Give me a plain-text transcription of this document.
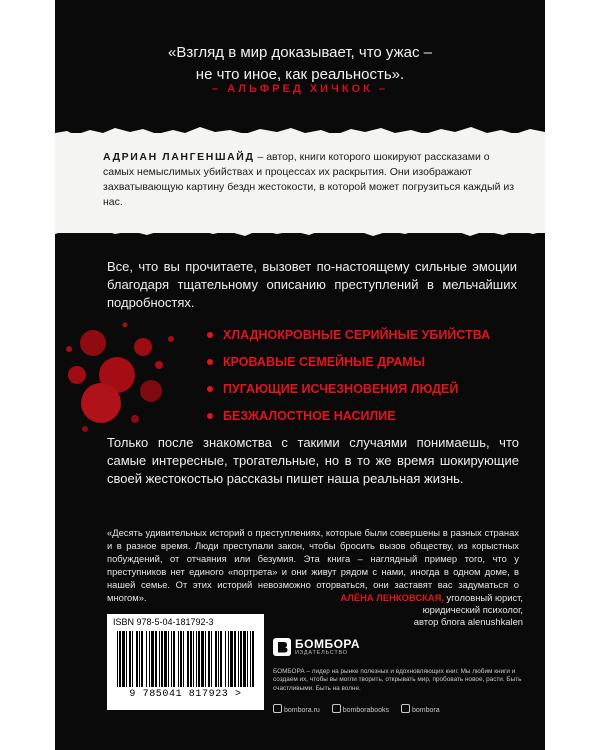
«Взгляд в мир доказывает, что ужас –
не что иное, как реальность».
– АЛЬФРЕД ХИЧКОК –
АДРИАН ЛАНГЕНШАЙД – автор, книги которого шокируют рассказами о самых немыслимых убийствах и процессах их раскрытия. Они изображают захватывающую картину бездн жестокости, в которой может погрузиться каждый из нас.
Все, что вы прочитаете, вызовет по-настоящему сильные эмоции благодаря тщательному описанию преступлений в мельчайших подробностях.
ХЛАДНОКРОВНЫЕ СЕРИЙНЫЕ УБИЙСТВА
КРОВАВЫЕ СЕМЕЙНЫЕ ДРАМЫ
ПУГАЮЩИЕ ИСЧЕЗНОВЕНИЯ ЛЮДЕЙ
БЕЗЖАЛОСТНОЕ НАСИЛИЕ
Только после знакомства с такими случаями понимаешь, что самые интересные, трогательные, но в то же время шокирующие своей жестокостью рассказы пишет наша реальная жизнь.
«Десять удивительных историй о преступлениях, которые были совершены в разных странах и в разное время. Люди преступали закон, чтобы бросить вызов обществу, из корыстных побуждений, от отчаяния или безумия. Эта книга – наглядный пример того, что у преступников нет единого «портрета» и они живут рядом с нами, иногда в одном доме, в нашей семье. От этих историй невозможно оторваться, они заставят вас задуматься о многом».	АЛЁНА ЛЕНКОВСКАЯ, уголовный юрист,
юридический психолог,
автор блога alenushkalen
ISBN 978-5-04-181792-3
9 785041 817923 >
БОМБОРА
ИЗДАТЕЛЬСТВО
БОМБОРА – лидер на рынке полезных и вдохновляющих книг. Мы любим книги и создаем их, чтобы вы могли творить, открывать мир, пробовать новое, расти. Быть счастливыми. Быть на волне.
bombora.ru	bomborabooks	bombora
